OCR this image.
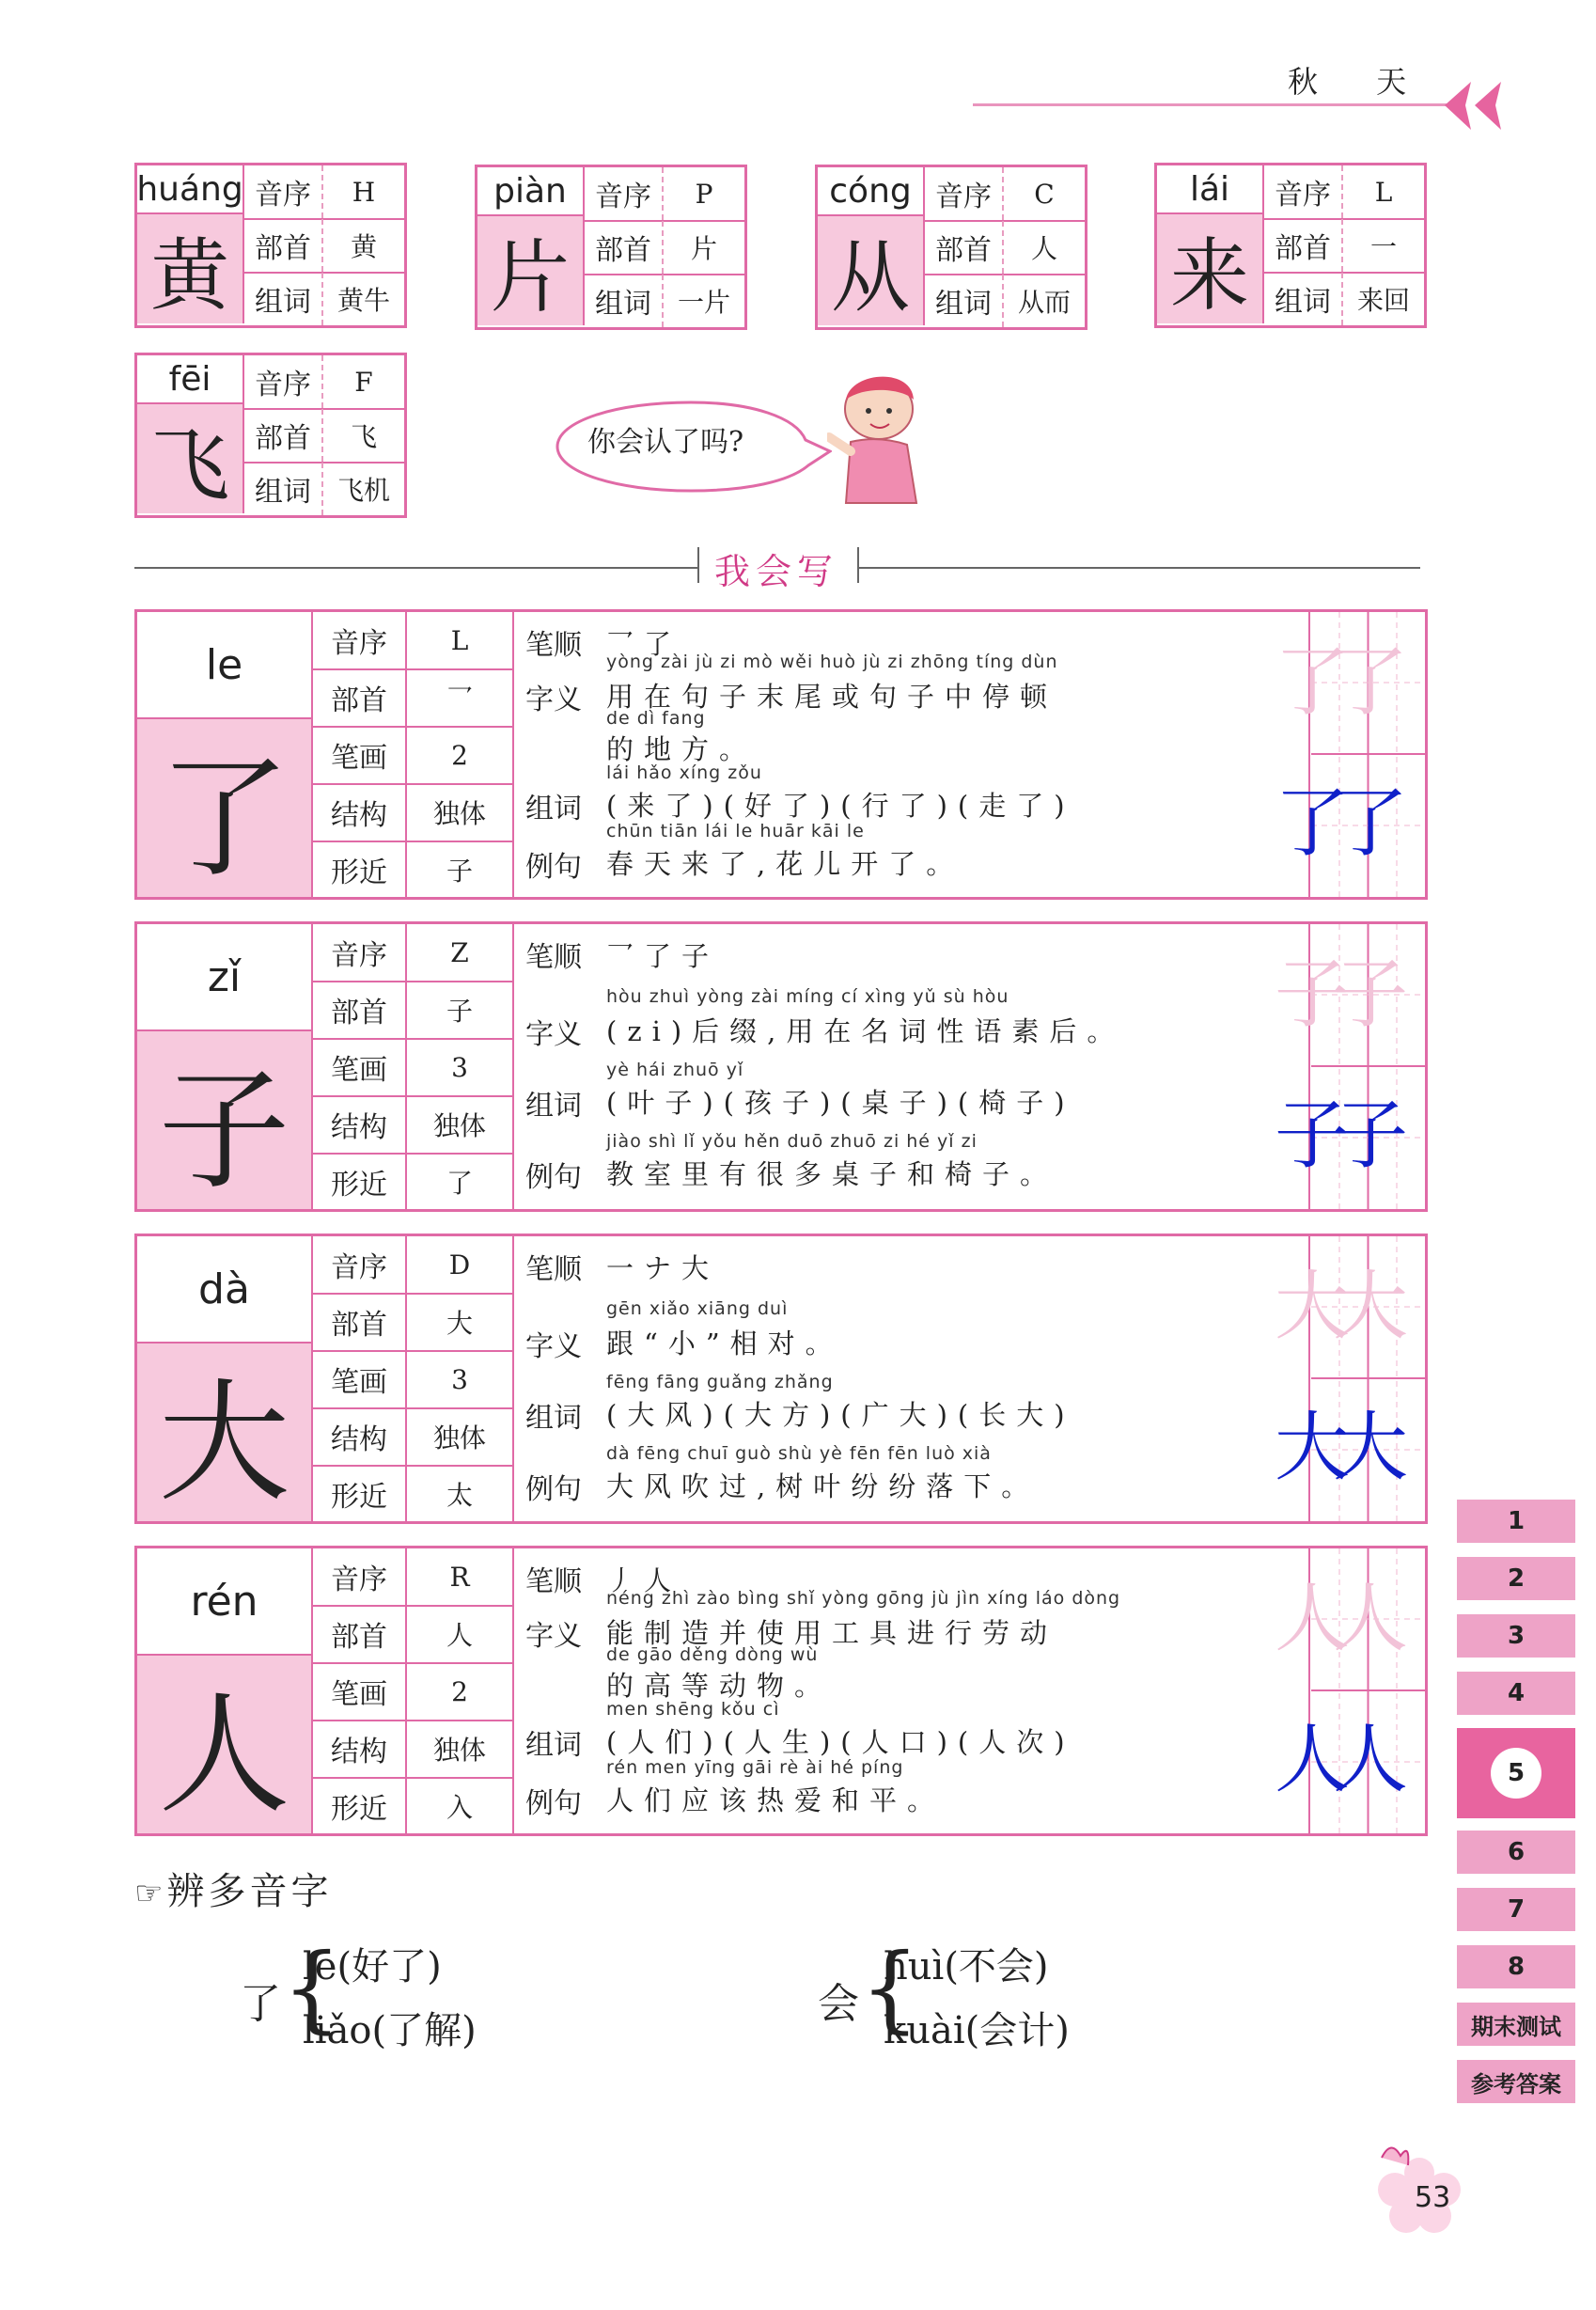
秋 天
huáng
黄
音序	H
部首	黄
组词 黄牛
piàn
片
音序	P
部首	片
组词 一片
cóng
从
音序	C
部首	人
组词 从而
lái
来
音序	L
部首	一
组词 来回
fēi
飞
音序	F
部首	飞
组词 飞机
你会认了吗?
我会写
le
了
音序	L
部首	乛
笔画	2
结构	独体
形近	子
笔顺 乛了
yòng zài jù zi mò wěi huò jù zi zhōng tíng dùn
字义 用在句子末尾或句子中停顿
de dì fang
的地方。
lái hǎo xíng zǒu
组词 (来了)(好了)(行了)(走了)
chūn tiān lái le huār kāi le
例句 春天来了,花儿开了。
了
了
了
了
zǐ
子
音序	Z
部首	子
笔画	3
结构	独体
形近	了
笔顺 乛了子
hòu zhuì yòng zài míng cí xìng yǔ sù hòu
字义 (zi)后缀,用在名词性语素后。
yè hái zhuō yǐ
组词 (叶子)(孩子)(桌子)(椅子)
jiào shì lǐ yǒu hěn duō zhuō zi hé yǐ zi
例句 教室里有很多桌子和椅子。
子
子
子
子
dà
大
音序	D
部首	大
笔画	3
结构	独体
形近	太
笔顺 一ナ大
gēn xiǎo xiāng duì
字义 跟“小”相对。
fēng fāng guǎng zhǎng
组词 (大风)(大方)(广大)(长大)
dà fēng chuī guò shù yè fēn fēn luò xià
例句 大风吹过,树叶纷纷落下。
大
大
大
大
rén
人
音序	R
部首	人
笔画	2
结构	独体
形近	入
笔顺 丿人
néng zhì zào bìng shǐ yòng gōng jù jìn xíng láo dòng
字义 能制造并使用工具进行劳动
de gāo děng dòng wù
的高等动物。
men shēng kǒu cì
组词 (人们)(人生)(人口)(人次)
rén men yīng gāi rè ài hé píng
例句 人们应该热爱和平。
人
人
人
人
☞辨多音字
了 {
le(好了)
liǎo(了解)
会 {
huì(不会)
kuài(会计)
1
2
3
4
5
6
7
8
期末测试
参考答案
53
